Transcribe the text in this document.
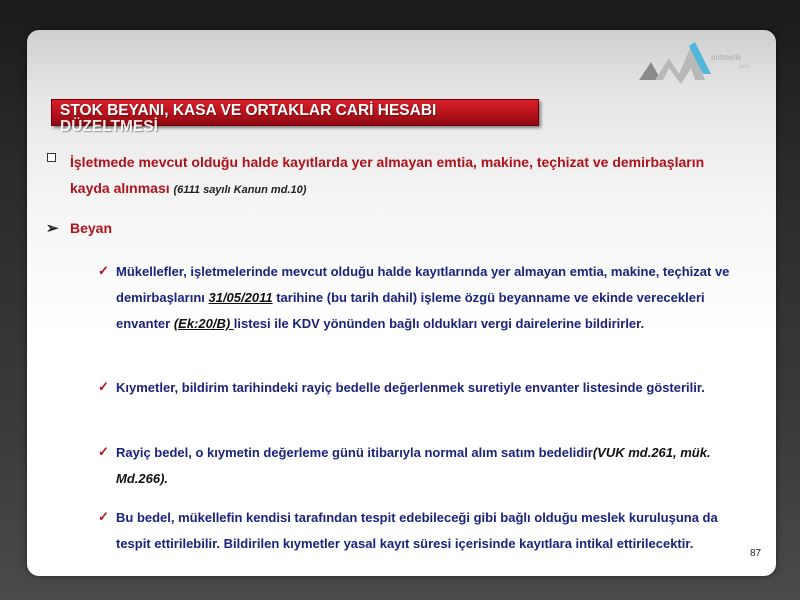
aritmetik
ymm
STOK BEYANI, KASA VE ORTAKLAR CARİ HESABI
DÜZELTMESİ
İşletmede mevcut olduğu halde kayıtlarda yer almayan emtia, makine, teçhizat ve demirbaşların kayda alınması (6111 sayılı Kanun md.10)
➢ Beyan
✓ Mükellefler, işletmelerinde mevcut olduğu halde kayıtlarında yer almayan emtia, makine, teçhizat ve demirbaşlarını 31/05/2011 tarihine (bu tarih dahil) işleme özgü beyanname ve ekinde verecekleri envanter (Ek:20/B) listesi ile KDV yönünden bağlı oldukları vergi dairelerine bildirirler.
✓ Kıymetler, bildirim tarihindeki rayiç bedelle değerlenmek suretiyle envanter listesinde gösterilir.
✓ Rayiç bedel, o kıymetin değerleme günü itibarıyla normal alım satım bedelidir(VUK md.261, mük. Md.266).
✓ Bu bedel, mükellefin kendisi tarafından tespit edebileceği gibi bağlı olduğu meslek kuruluşuna da tespit ettirilebilir. Bildirilen kıymetler yasal kayıt süresi içerisinde kayıtlara intikal ettirilecektir.
87
